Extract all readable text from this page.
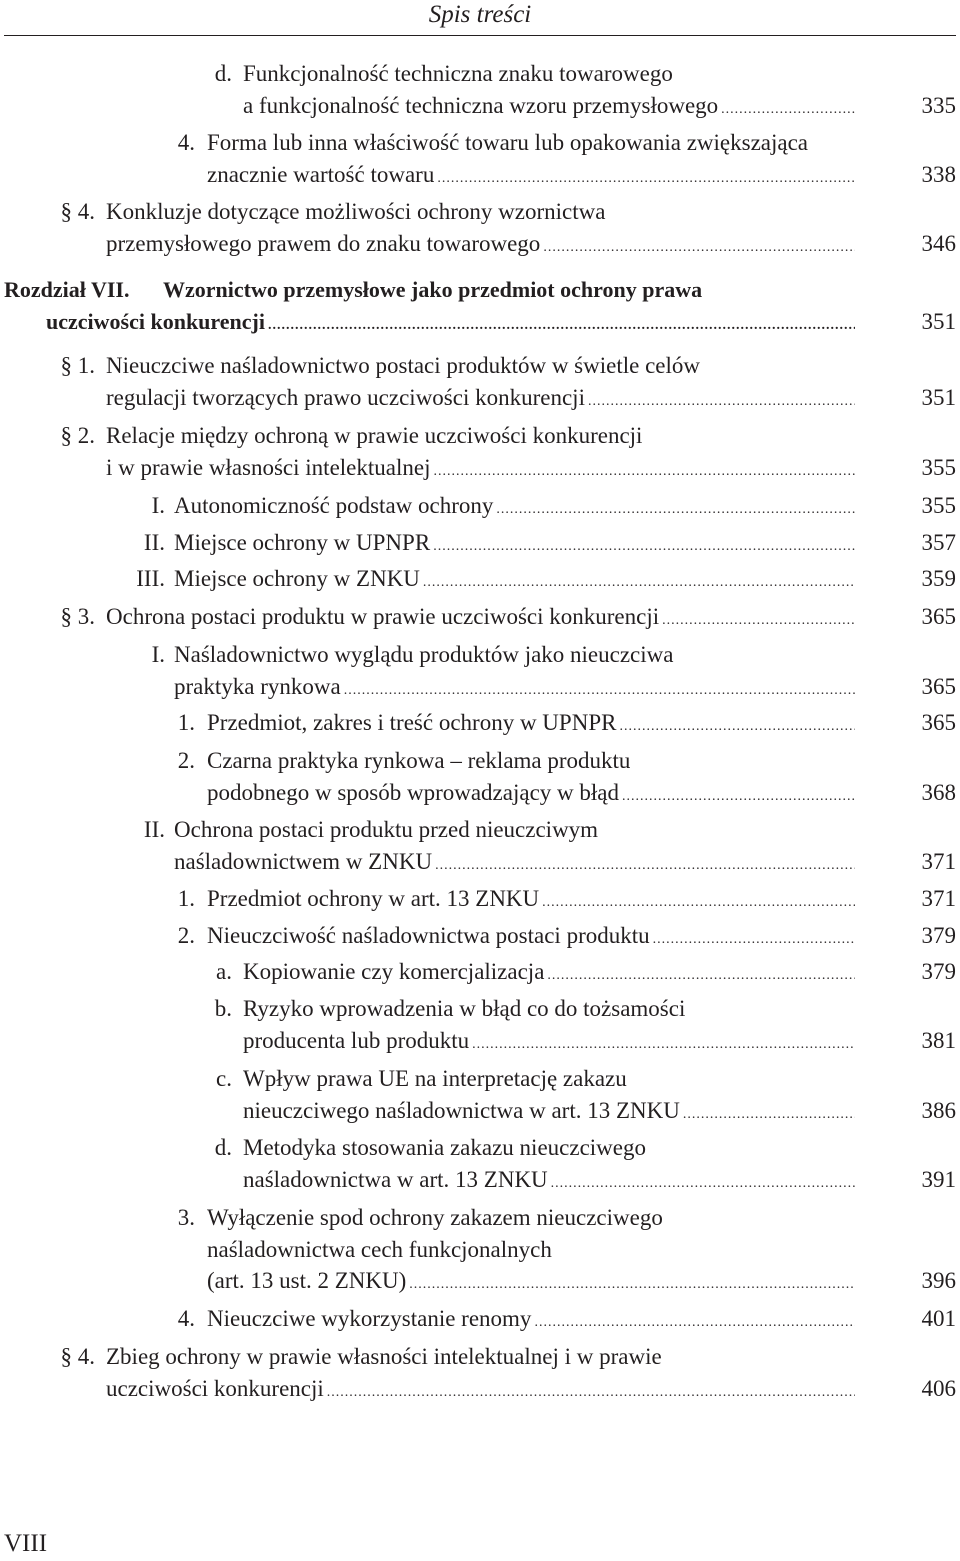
Spis treści
d. Funkcjonalność techniczna znaku towarowego
a funkcjonalność techniczna wzoru przemysłowego .....	335
4. Forma lub inna właściwość towaru lub opakowania zwiększająca
znacznie wartość towaru .....	338
§ 4. Konkluzje dotyczące możliwości ochrony wzornictwa
przemysłowego prawem do znaku towarowego .....	346
Rozdział VII. Wzornictwo przemysłowe jako przedmiot ochrony prawa
uczciwości konkurencji .....	351
§ 1. Nieuczciwe naśladownictwo postaci produktów w świetle celów
regulacji tworzących prawo uczciwości konkurencji .....	351
§ 2. Relacje między ochroną w prawie uczciwości konkurencji
i w prawie własności intelektualnej .....	355
I. Autonomiczność podstaw ochrony .....	355
II. Miejsce ochrony w UPNPR .....	357
III. Miejsce ochrony w ZNKU .....	359
§ 3. Ochrona postaci produktu w prawie uczciwości konkurencji .....	365
I. Naśladownictwo wyglądu produktów jako nieuczciwa
praktyka rynkowa .....	365
1. Przedmiot, zakres i treść ochrony w UPNPR .....	365
2. Czarna praktyka rynkowa – reklama produktu
podobnego w sposób wprowadzający w błąd .....	368
II. Ochrona postaci produktu przed nieuczciwym
naśladownictwem w ZNKU .....	371
1. Przedmiot ochrony w art. 13 ZNKU .....	371
2. Nieuczciwość naśladownictwa postaci produktu .....	379
a. Kopiowanie czy komercjalizacja .....	379
b. Ryzyko wprowadzenia w błąd co do tożsamości
producenta lub produktu .....	381
c. Wpływ prawa UE na interpretację zakazu
nieuczciwego naśladownictwa w art. 13 ZNKU .....	386
d. Metodyka stosowania zakazu nieuczciwego
naśladownictwa w art. 13 ZNKU .....	391
3. Wyłączenie spod ochrony zakazem nieuczciwego
naśladownictwa cech funkcjonalnych
(art. 13 ust. 2 ZNKU) .....	396
4. Nieuczciwe wykorzystanie renomy .....	401
§ 4. Zbieg ochrony w prawie własności intelektualnej i w prawie
uczciwości konkurencji .....	406
VIII
